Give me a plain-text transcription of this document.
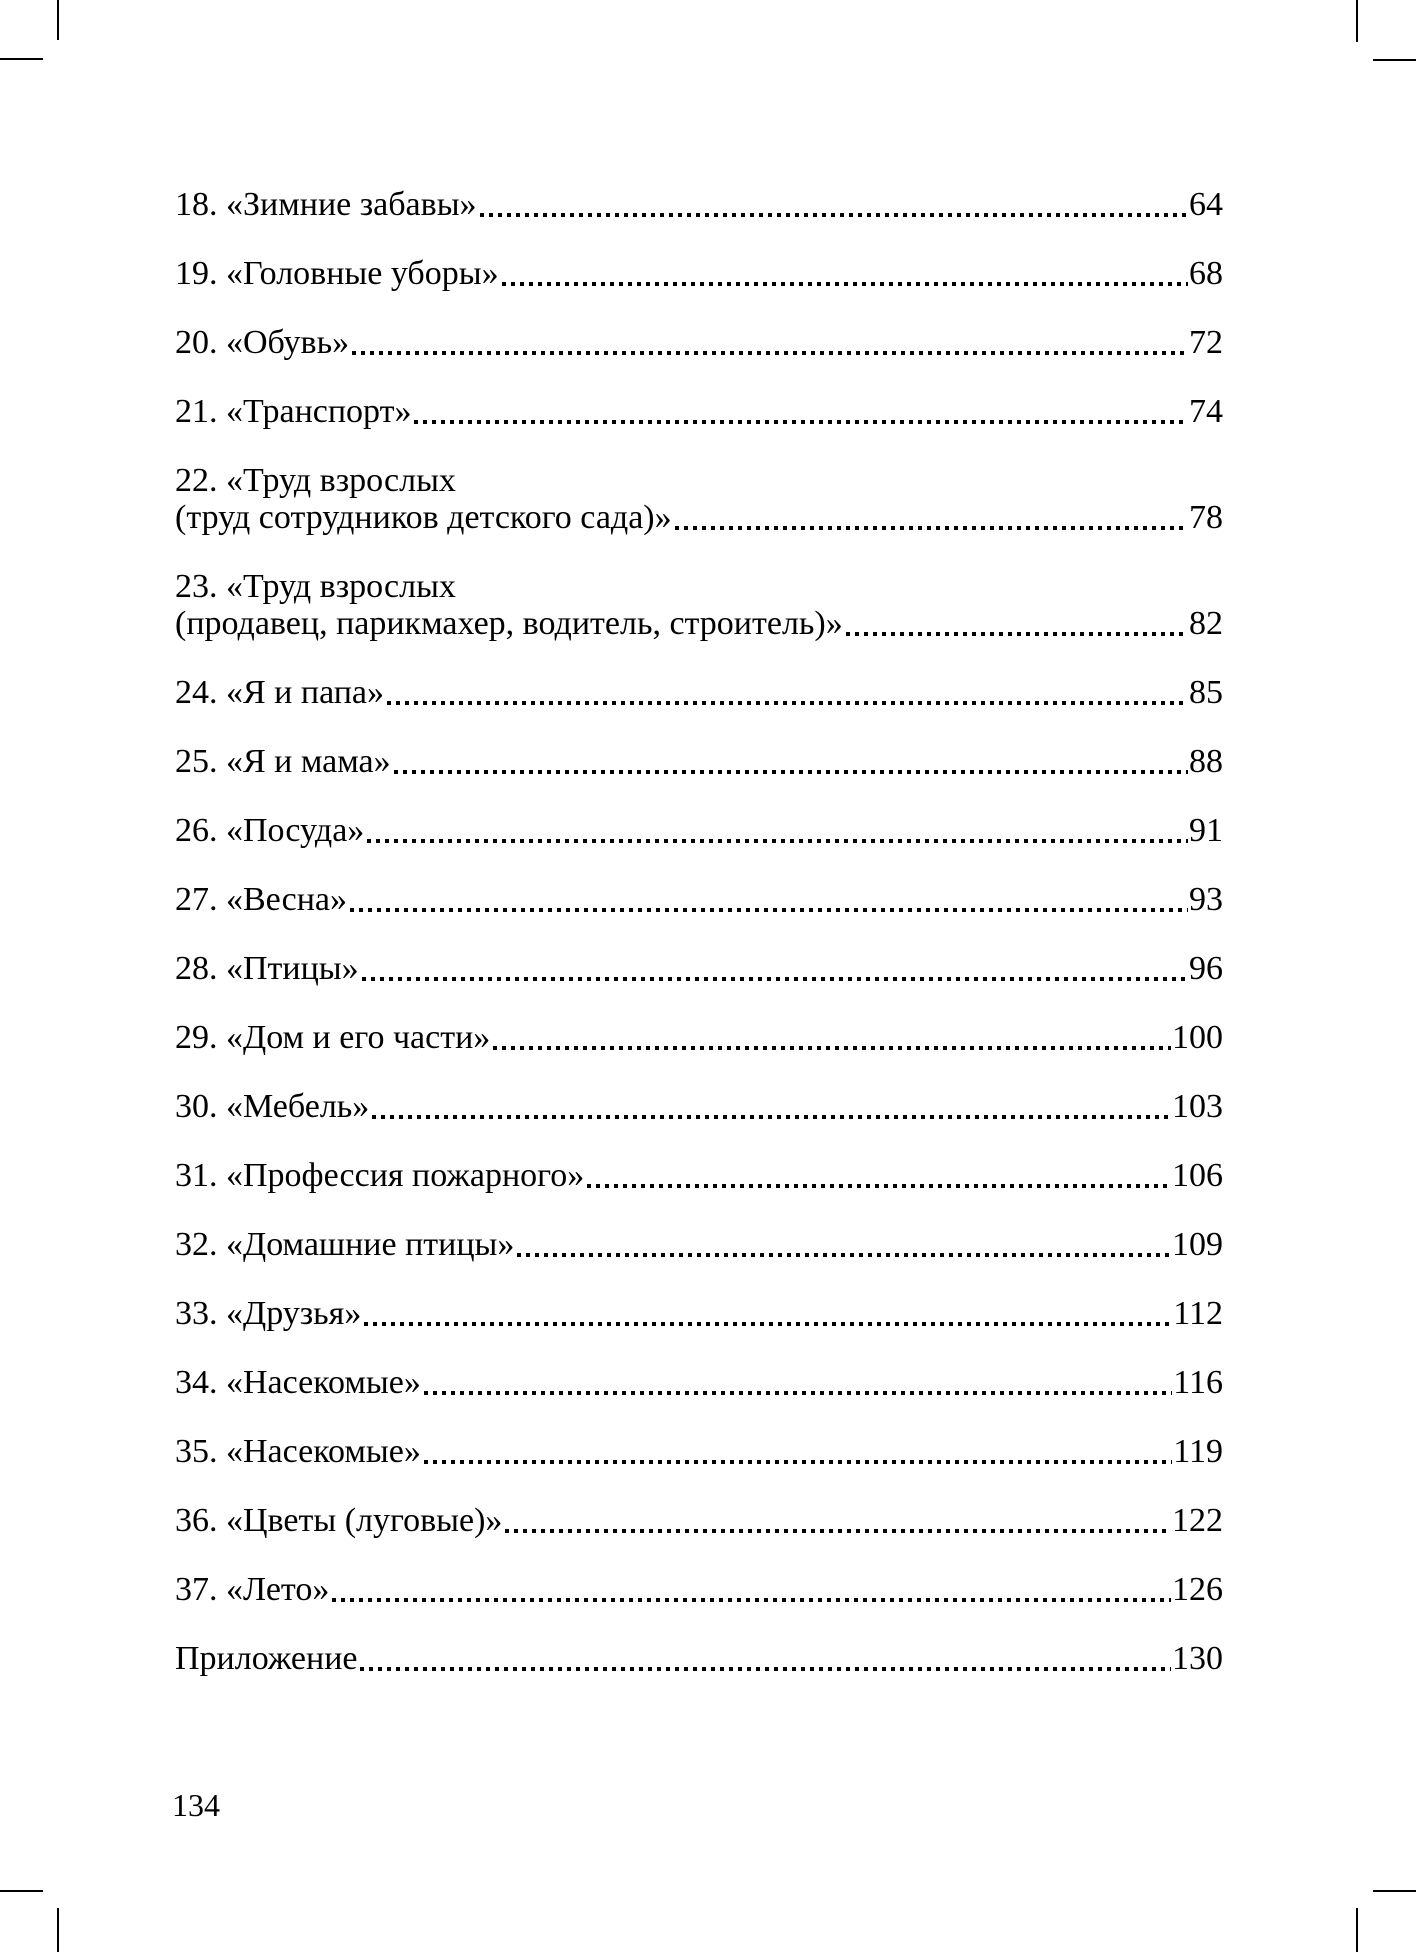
18. «Зимние забавы»	64
19. «Головные уборы»	68
20. «Обувь»	72
21. «Транспорт»	74
22. «Труд взрослых
(труд сотрудников детского сада)»	78
23. «Труд взрослых
(продавец, парикмахер, водитель, строитель)»	82
24. «Я и папа»	85
25. «Я и мама»	88
26. «Посуда»	91
27. «Весна»	93
28. «Птицы»	96
29. «Дом и его части»	100
30. «Мебель»	103
31. «Профессия пожарного»	106
32. «Домашние птицы»	109
33. «Друзья»	112
34. «Насекомые»	116
35. «Насекомые»	119
36. «Цветы (луговые)»	122
37. «Лето»	126
Приложение	130
134
